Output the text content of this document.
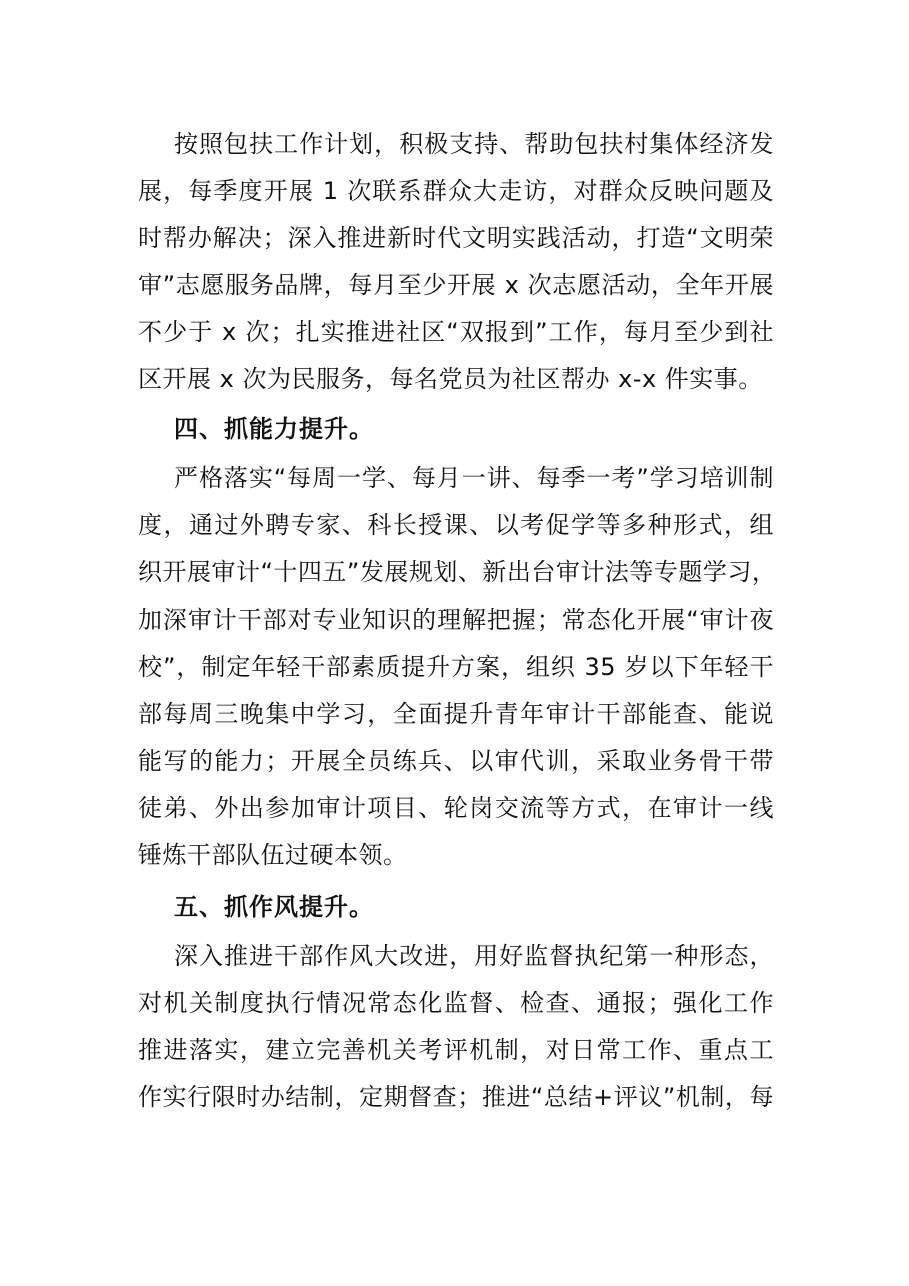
按照包扶工作计划，积极支持、帮助包扶村集体经济发
展，每季度开展 1 次联系群众大走访，对群众反映问题及
时帮办解决；深入推进新时代文明实践活动，打造“文明荣
审”志愿服务品牌，每月至少开展 x 次志愿活动，全年开展
不少于 x 次；扎实推进社区“双报到”工作，每月至少到社
区开展 x 次为民服务，每名党员为社区帮办 x-x 件实事。
四、抓能力提升。
严格落实“每周一学、每月一讲、每季一考”学习培训制
度，通过外聘专家、科长授课、以考促学等多种形式，组
织开展审计“十四五”发展规划、新出台审计法等专题学习，
加深审计干部对专业知识的理解把握；常态化开展“审计夜
校”，制定年轻干部素质提升方案，组织 35 岁以下年轻干
部每周三晚集中学习，全面提升青年审计干部能查、能说
能写的能力；开展全员练兵、以审代训，采取业务骨干带
徒弟、外出参加审计项目、轮岗交流等方式，在审计一线
锤炼干部队伍过硬本领。
五、抓作风提升。
深入推进干部作风大改进，用好监督执纪第一种形态，
对机关制度执行情况常态化监督、检查、通报；强化工作
推进落实，建立完善机关考评机制，对日常工作、重点工
作实行限时办结制，定期督查；推进“总结+评议”机制，每
